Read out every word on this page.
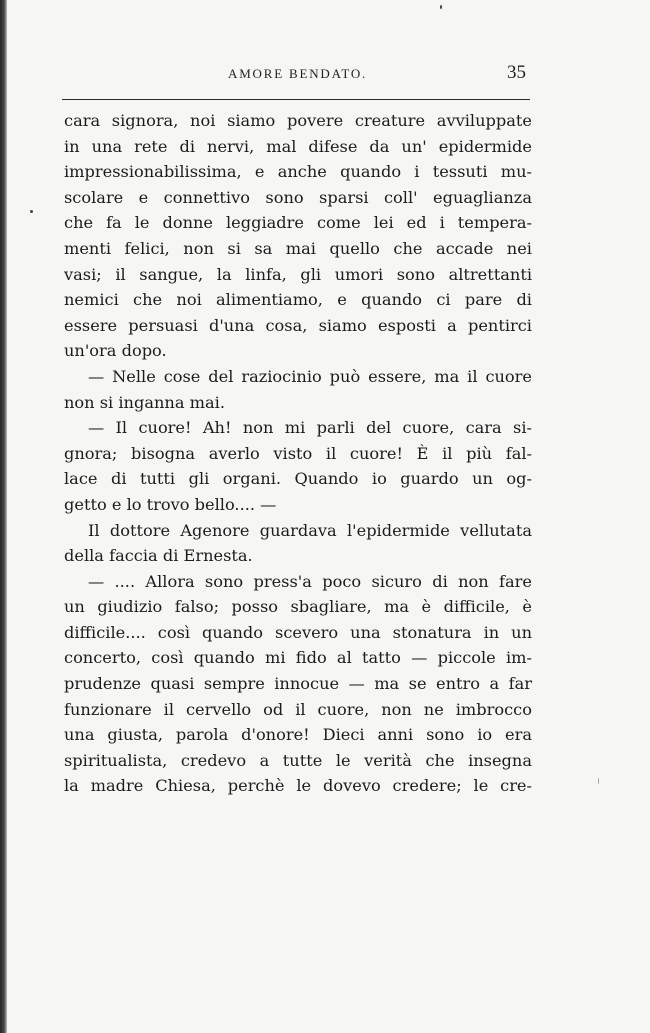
AMORE BENDATO.	35
cara signora, noi siamo povere creature avviluppate
in una rete di nervi, mal difese da un' epidermide
impressionabilissima, e anche quando i tessuti mu-
scolare e connettivo sono sparsi coll' eguaglianza
che fa le donne leggiadre come lei ed i tempera-
menti felici, non si sa mai quello che accade nei
vasi; il sangue, la linfa, gli umori sono altrettanti
nemici che noi alimentiamo, e quando ci pare di
essere persuasi d'una cosa, siamo esposti a pentirci
un'ora dopo.
— Nelle cose del raziocinio può essere, ma il cuore
non si inganna mai.
— Il cuore! Ah! non mi parli del cuore, cara si-
gnora; bisogna averlo visto il cuore! È il più fal-
lace di tutti gli organi. Quando io guardo un og-
getto e lo trovo bello.... —
Il dottore Agenore guardava l'epidermide vellutata
della faccia di Ernesta.
— .... Allora sono press'a poco sicuro di non fare
un giudizio falso; posso sbagliare, ma è difficile, è
difficile.... così quando scevero una stonatura in un
concerto, così quando mi fido al tatto — piccole im-
prudenze quasi sempre innocue — ma se entro a far
funzionare il cervello od il cuore, non ne imbrocco
una giusta, parola d'onore! Dieci anni sono io era
spiritualista, credevo a tutte le verità che insegna
la madre Chiesa, perchè le dovevo credere; le cre-
